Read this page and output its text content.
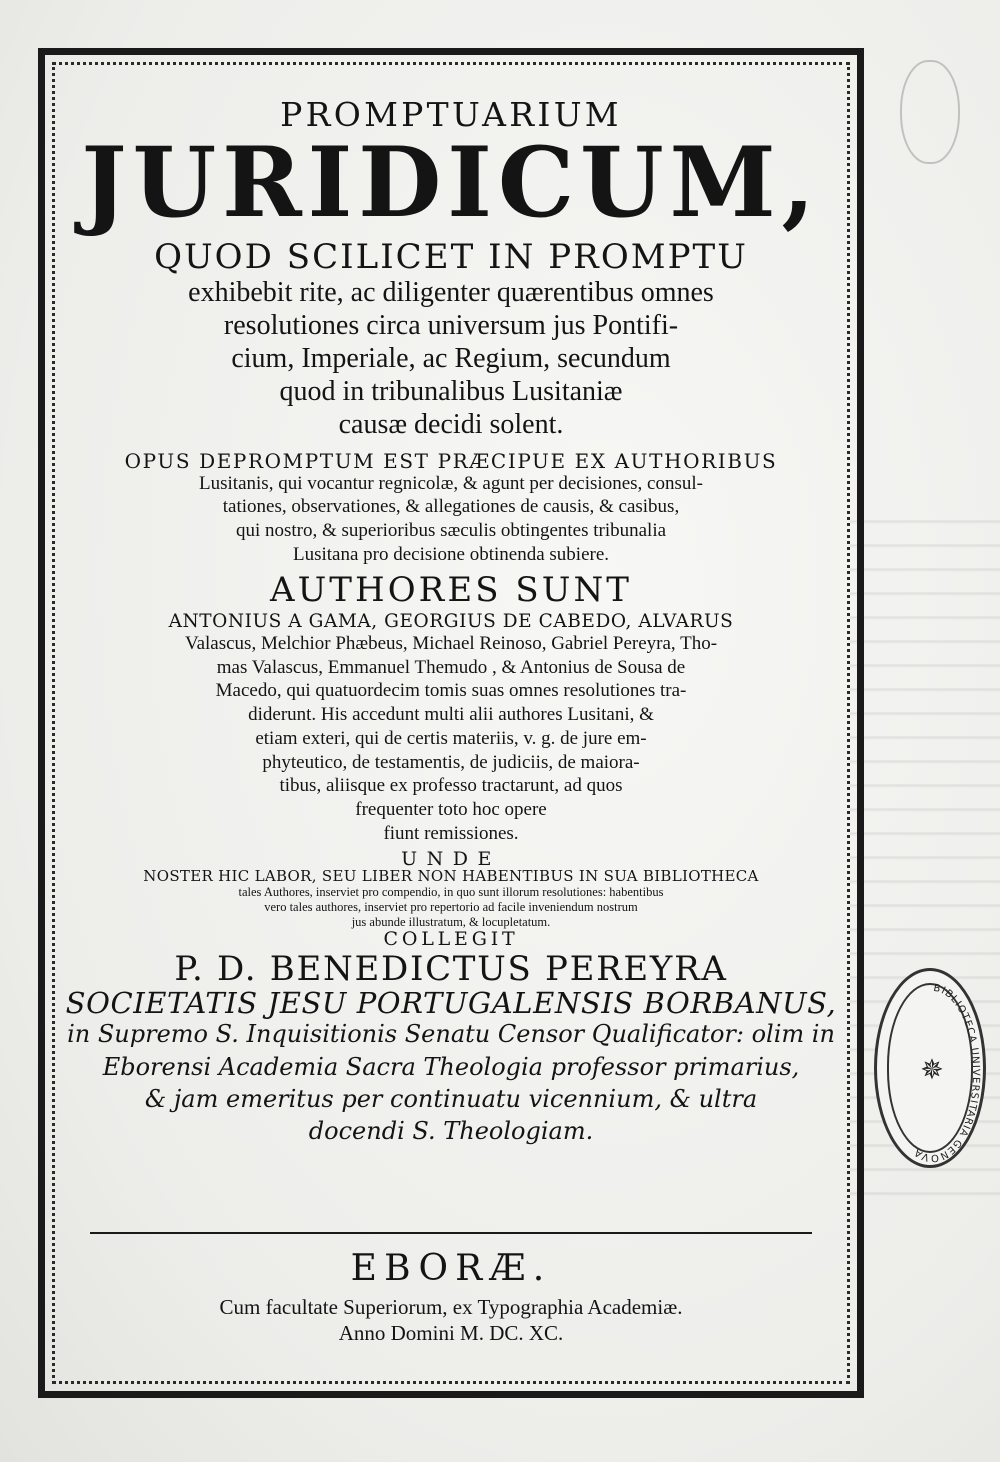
PROMPTUARIUM
JURIDICUM,
QUOD SCILICET IN PROMPTU
exhibebit rite, ac diligenter quærentibus omnes
resolutiones circa universum jus Pontifi-
cium, Imperiale, ac Regium, secundum
quod in tribunalibus Lusitaniæ
causæ decidi solent.
OPUS DEPROMPTUM EST PRÆCIPUE EX AUTHORIBUS
Lusitanis, qui vocantur regnicolæ, & agunt per decisiones, consul-
tationes, observationes, & allegationes de causis, & casibus,
qui nostro, & superioribus sæculis obtingentes tribunalia
Lusitana pro decisione obtinenda subiere.
AUTHORES SUNT
ANTONIUS A GAMA, GEORGIUS DE CABEDO, ALVARUS
Valascus, Melchior Phæbeus, Michael Reinoso, Gabriel Pereyra, Tho-
mas Valascus, Emmanuel Themudo , & Antonius de Sousa de
Macedo, qui quatuordecim tomis suas omnes resolutiones tra-
diderunt. His accedunt multi alii authores Lusitani, &
etiam exteri, qui de certis materiis, v. g. de jure em-
phyteutico, de testamentis, de judiciis, de maiora-
tibus, aliisque ex professo tractarunt, ad quos
frequenter toto hoc opere
fiunt remissiones.
UNDE
NOSTER HIC LABOR, SEU LIBER NON HABENTIBUS IN SUA BIBLIOTHECA
tales Authores, inserviet pro compendio, in quo sunt illorum resolutiones: habentibus
vero tales authores, inserviet pro repertorio ad facile inveniendum nostrum
jus abunde illustratum, & locupletatum.
COLLEGIT
P. D. BENEDICTUS PEREYRA
SOCIETATIS JESU PORTUGALENSIS BORBANUS,
in Supremo S. Inquisitionis Senatu Censor Qualificator: olim in
Eborensi Academia Sacra Theologia professor primarius,
& jam emeritus per continuatu vicennium, & ultra
docendi S. Theologiam.
EBORÆ.
Cum facultate Superiorum, ex Typographia Academiæ.
Anno Domini M. DC. XC.
BIBLIOTECA UNIVERSITARIA GENOVA
✵
